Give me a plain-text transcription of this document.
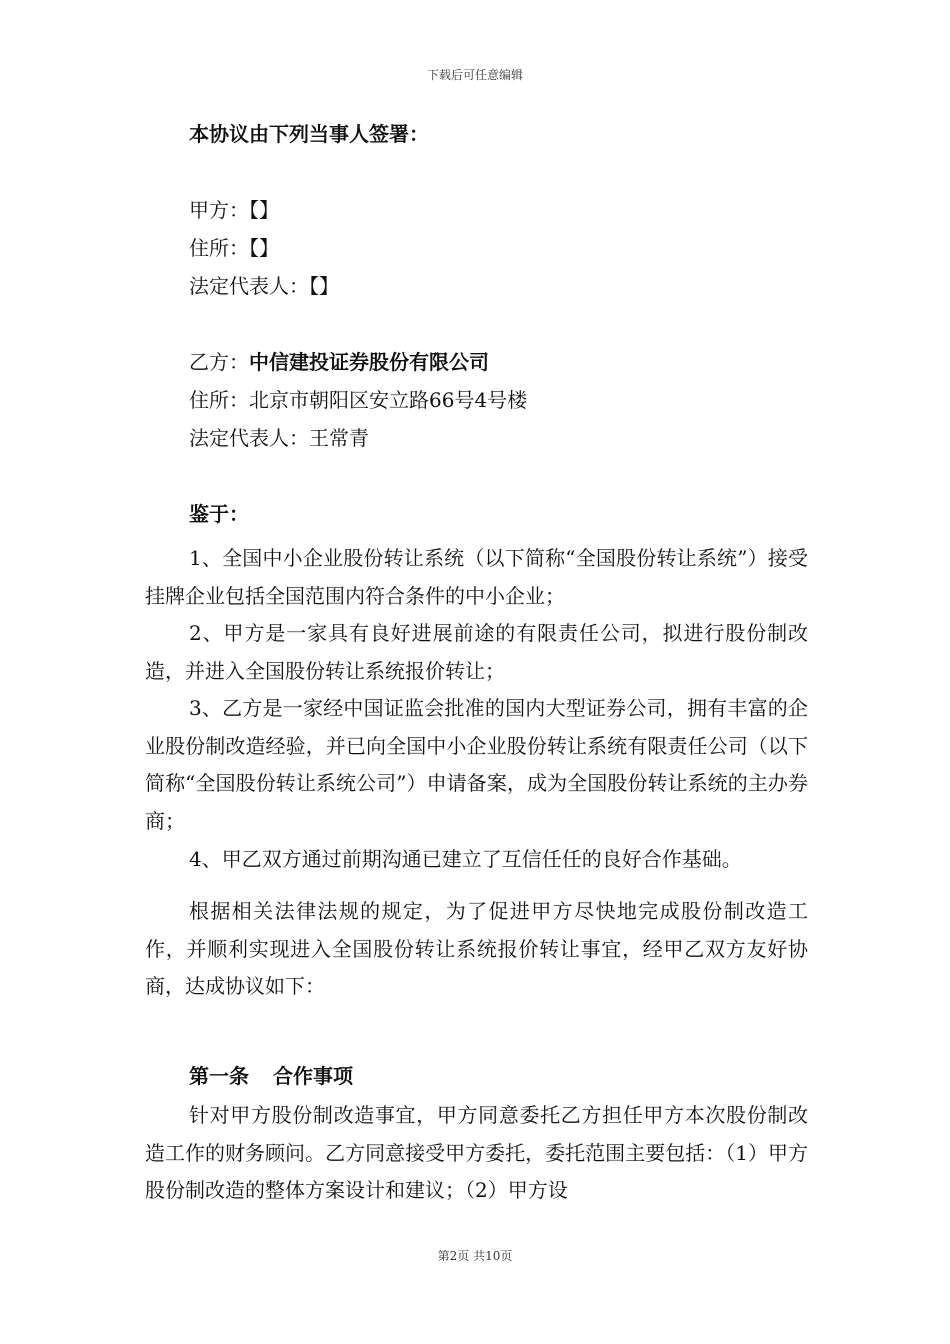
下载后可任意编辑
本协议由下列当事人签署：
甲方：【】
住所：【】
法定代表人：【】
乙方：中信建投证券股份有限公司
住所：北京市朝阳区安立路66号4号楼
法定代表人：王常青
鉴于：
1、全国中小企业股份转让系统（以下简称“全国股份转让系统”）接受挂牌企业包括全国范围内符合条件的中小企业；
2、甲方是一家具有良好进展前途的有限责任公司，拟进行股份制改造，并进入全国股份转让系统报价转让；
3、乙方是一家经中国证监会批准的国内大型证券公司，拥有丰富的企业股份制改造经验，并已向全国中小企业股份转让系统有限责任公司（以下简称“全国股份转让系统公司”）申请备案，成为全国股份转让系统的主办券商；
4、甲乙双方通过前期沟通已建立了互信任任的良好合作基础。
根据相关法律法规的规定，为了促进甲方尽快地完成股份制改造工作，并顺利实现进入全国股份转让系统报价转让事宜，经甲乙双方友好协商，达成协议如下：
第一条 合作事项
针对甲方股份制改造事宜，甲方同意委托乙方担任甲方本次股份制改造工作的财务顾问。乙方同意接受甲方委托，委托范围主要包括：（1）甲方股份制改造的整体方案设计和建议；（2）甲方设
第2页 共10页
